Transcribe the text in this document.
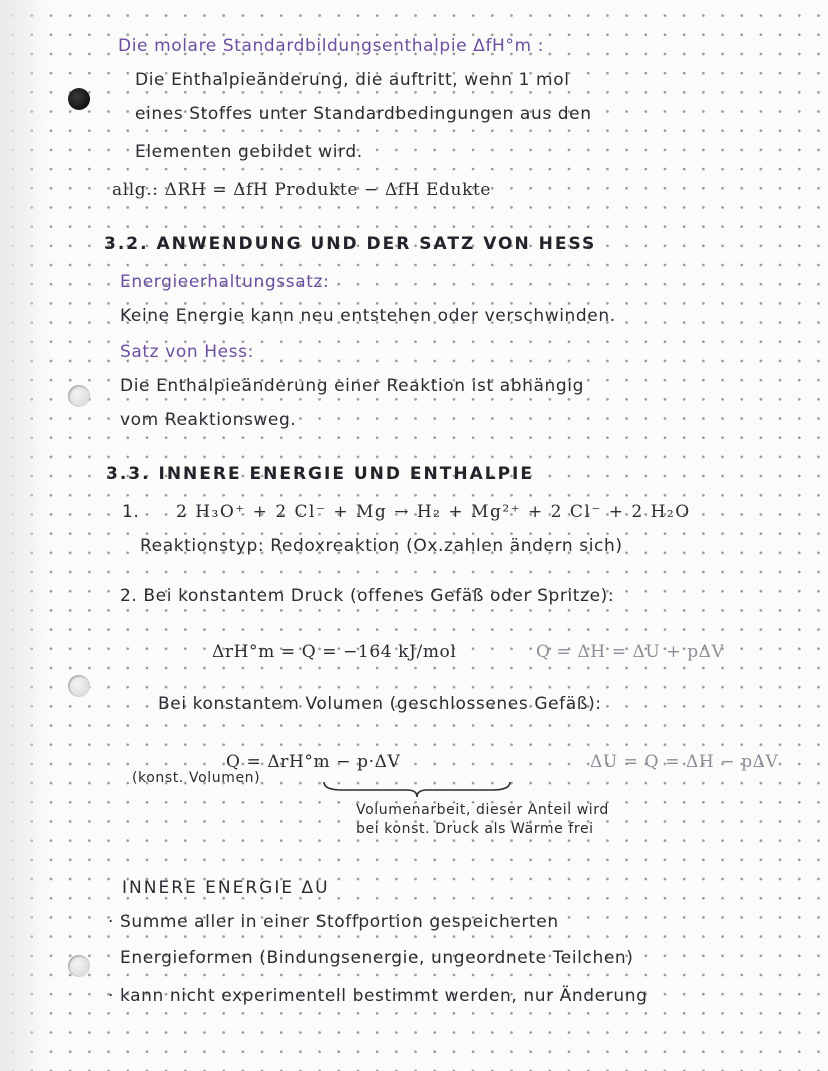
Die molare Standardbildungsenthalpie ΔfH°m :
Die Enthalpieänderung, die auftritt, wenn 1 mol
eines Stoffes unter Standardbedingungen aus den
Elementen gebildet wird.
allg.: ΔRH = ΔfH Produkte − ΔfH Edukte
3.2. ANWENDUNG UND DER SATZ VON HESS
Energieerhaltungssatz:
Keine Energie kann neu entstehen oder verschwinden.
Satz von Hess:
Die Enthalpieänderung einer Reaktion ist abhängig
vom Reaktionsweg.
3.3. INNERE ENERGIE UND ENTHALPIE
1. 2 H₃O⁺ + 2 Cl⁻ + Mg → H₂ + Mg²⁺ + 2 Cl⁻ + 2 H₂O
Reaktionstyp: Redoxreaktion (Ox.zahlen ändern sich)
2. Bei konstantem Druck (offenes Gefäß oder Spritze):
ΔrH°m = Q = −164 kJ/mol	Q = ΔH = ΔU + pΔV
Bei konstantem Volumen (geschlossenes Gefäß):
Q = ΔrH°m − p·ΔV
(konst. Volumen)
ΔU = Q = ΔH − pΔV
Volumenarbeit, dieser Anteil wird
bei konst. Druck als Wärme frei
INNERE ENERGIE ΔU
· Summe aller in einer Stoffportion gespeicherten
Energieformen (Bindungsenergie, ungeordnete Teilchen)
· kann nicht experimentell bestimmt werden, nur Änderung
